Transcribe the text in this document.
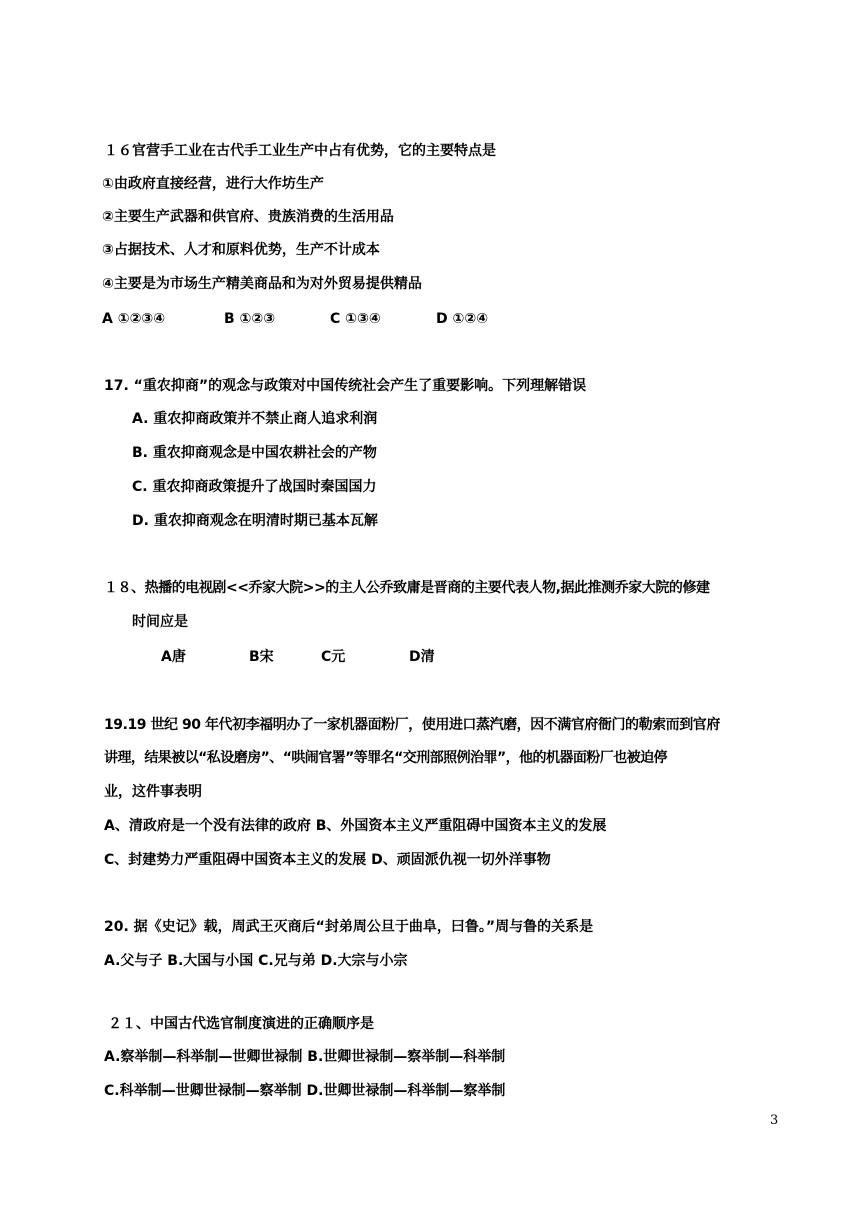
１６官营手工业在古代手工业生产中占有优势，它的主要特点是
①由政府直接经营，进行大作坊生产
②主要生产武器和供官府、贵族消费的生活用品
③占据技术、人才和原料优势，生产不计成本
④主要是为市场生产精美商品和为对外贸易提供精品
A ①②③④	B ①②③	C ①③④	D ①②④
17. “重农抑商”的观念与政策对中国传统社会产生了重要影响。下列理解错误
A. 重农抑商政策并不禁止商人追求利润
B. 重农抑商观念是中国农耕社会的产物
C. 重农抑商政策提升了战国时秦国国力
D. 重农抑商观念在明清时期已基本瓦解
１８、热播的电视剧<<乔家大院>>的主人公乔致庸是晋商的主要代表人物,据此推测乔家大院的修建
时间应是
A唐	B宋	C元	D清
19.19 世纪 90 年代初李福明办了一家机器面粉厂，使用进口蒸汽磨，因不满官府衙门的勒索而到官府
讲理，结果被以“私设磨房”、“哄闹官署”等罪名“交刑部照例治罪”，他的机器面粉厂也被迫停
业，这件事表明
A、清政府是一个没有法律的政府 B、外国资本主义严重阻碍中国资本主义的发展
C、封建势力严重阻碍中国资本主义的发展 D、顽固派仇视一切外洋事物
20. 据《史记》载，周武王灭商后“封弟周公旦于曲阜，曰鲁。”周与鲁的关系是
A.父与子 B.大国与小国 C.兄与弟 D.大宗与小宗
２１、中国古代选官制度演进的正确顺序是
A.察举制—科举制—世卿世禄制 B.世卿世禄制—察举制—科举制
C.科举制—世卿世禄制—察举制 D.世卿世禄制—科举制—察举制
3
